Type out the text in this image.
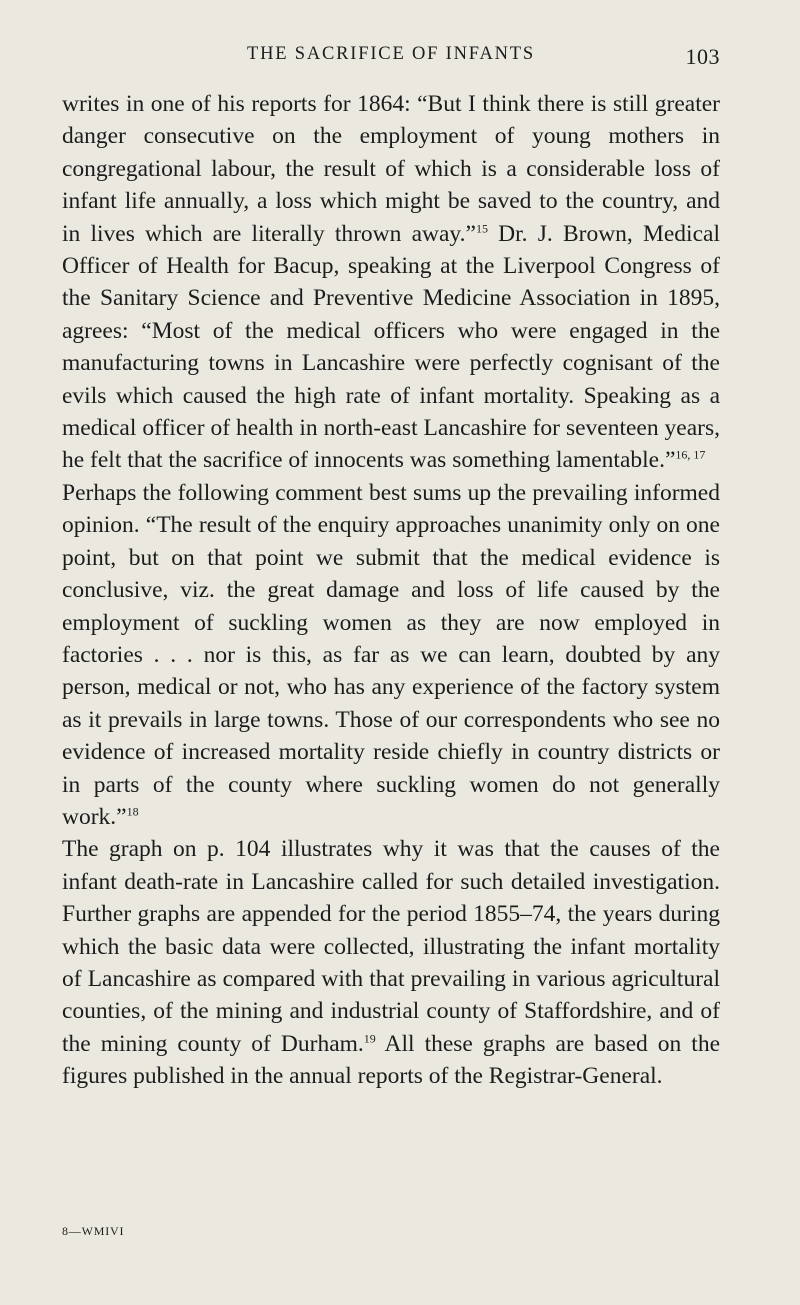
THE SACRIFICE OF INFANTS	103

writes in one of his reports for 1864: “But I think there is still greater danger consecutive on the employment of young mothers in congregational labour, the result of which is a considerable loss of infant life annually, a loss which might be saved to the country, and in lives which are literally thrown away.”$^{15}$ Dr. J. Brown, Medical Officer of Health for Bacup, speaking at the Liverpool Congress of the Sanitary Science and Preventive Medicine Association in 1895, agrees: “Most of the medical officers who were engaged in the manufacturing towns in Lancashire were perfectly cognisant of the evils which caused the high rate of infant mortality. Speaking as a medical officer of health in north-east Lancashire for seventeen years, he felt that the sacrifice of innocents was something lamentable.”$^{16, 17}$

Perhaps the following comment best sums up the prevailing informed opinion. “The result of the enquiry approaches unanimity only on one point, but on that point we submit that the medical evidence is conclusive, viz. the great damage and loss of life caused by the employment of suckling women as they are now employed in factories . . . nor is this, as far as we can learn, doubted by any person, medical or not, who has any experience of the factory system as it prevails in large towns. Those of our correspondents who see no evidence of increased mortality reside chiefly in country districts or in parts of the county where suckling women do not generally work.”$^{18}$

The graph on p. 104 illustrates why it was that the causes of the infant death-rate in Lancashire called for such detailed investigation. Further graphs are appended for the period 1855–74, the years during which the basic data were collected, illustrating the infant mortality of Lancashire as compared with that prevailing in various agricultural counties, of the mining and industrial county of Staffordshire, and of the mining county of Durham.$^{19}$ All these graphs are based on the figures published in the annual reports of the Registrar-General.

8—WMIVI
